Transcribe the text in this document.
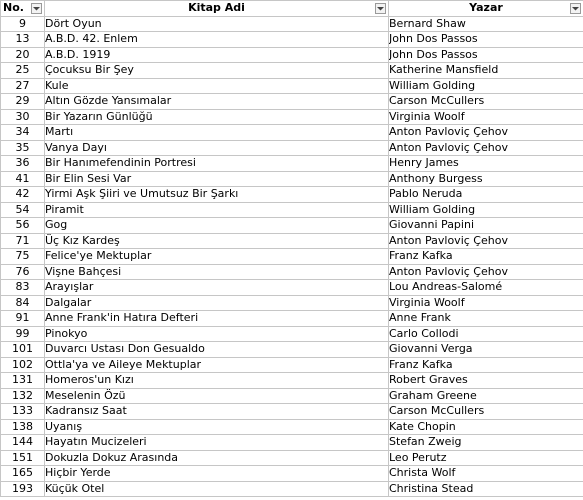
No.	Kitap Adi	Yazar

9	Dört Oyun	Bernard Shaw
13	A.B.D. 42. Enlem	John Dos Passos
20	A.B.D. 1919	John Dos Passos
25	Çocuksu Bir Şey	Katherine Mansfield
27	Kule	William Golding
29	Altın Gözde Yansımalar	Carson McCullers
30	Bir Yazarın Günlüğü	Virginia Woolf
34	Martı	Anton Pavloviç Çehov
35	Vanya Dayı	Anton Pavloviç Çehov
36	Bir Hanımefendinin Portresi	Henry James
41	Bir Elin Sesi Var	Anthony Burgess
42	Yirmi Aşk Şiiri ve Umutsuz Bir Şarkı	Pablo Neruda
54	Piramit	William Golding
56	Gog	Giovanni Papini
71	Üç Kız Kardeş	Anton Pavloviç Çehov
75	Felice'ye Mektuplar	Franz Kafka
76	Vişne Bahçesi	Anton Pavloviç Çehov
83	Arayışlar	Lou Andreas-Salomé
84	Dalgalar	Virginia Woolf
91	Anne Frank'in Hatıra Defteri	Anne Frank
99	Pinokyo	Carlo Collodi
101	Duvarcı Ustası Don Gesualdo	Giovanni Verga
102	Ottla'ya ve Aileye Mektuplar	Franz Kafka
131	Homeros'un Kızı	Robert Graves
132	Meselenin Özü	Graham Greene
133	Kadransız Saat	Carson McCullers
138	Uyanış	Kate Chopin
144	Hayatın Mucizeleri	Stefan Zweig
151	Dokuzla Dokuz Arasında	Leo Perutz
165	Hiçbir Yerde	Christa Wolf
193	Küçük Otel	Christina Stead
